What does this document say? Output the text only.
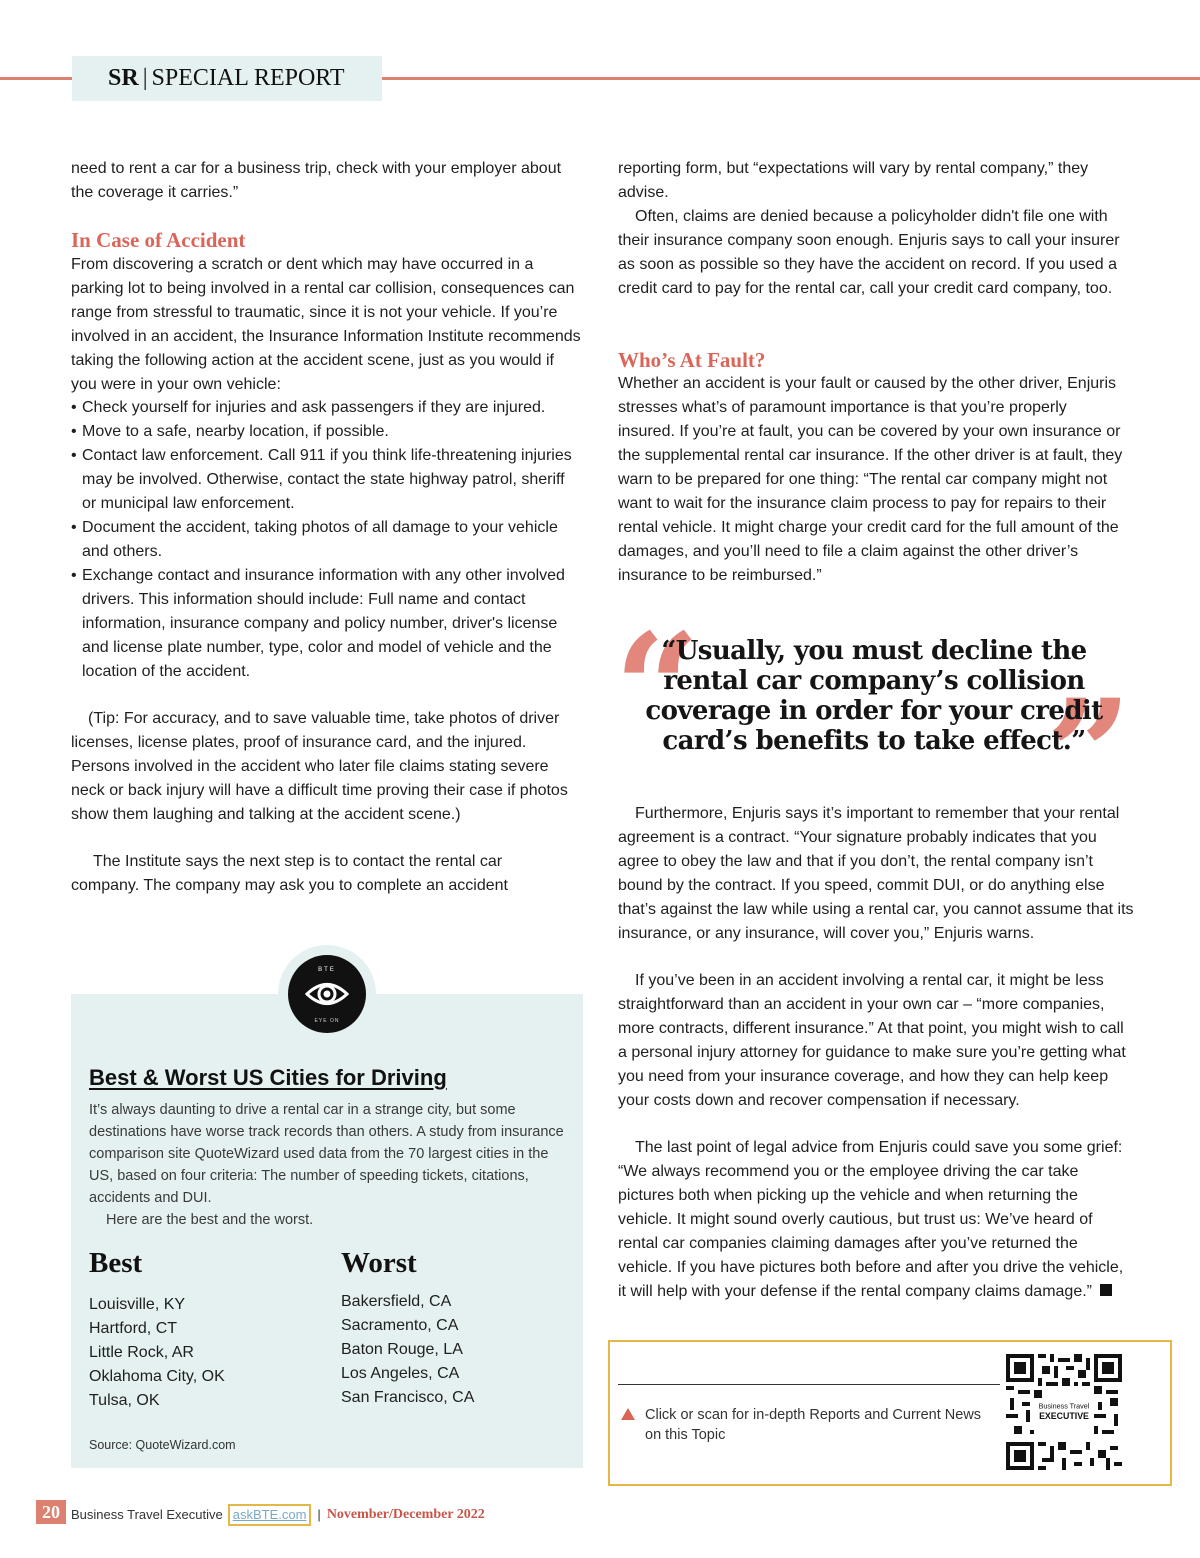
SR | SPECIAL REPORT

need to rent a car for a business trip, check with your employer about the coverage it carries.”

In Case of Accident

From discovering a scratch or dent which may have occurred in a parking lot to being involved in a rental car collision, consequences can range from stressful to traumatic, since it is not your vehicle. If you’re involved in an accident, the Insurance Information Institute recommends taking the following action at the accident scene, just as you would if you were in your own vehicle:

• Check yourself for injuries and ask passengers if they are injured.
• Move to a safe, nearby location, if possible.
• Contact law enforcement. Call 911 if you think life-threatening injuries may be involved. Otherwise, contact the state highway patrol, sheriff or municipal law enforcement.
• Document the accident, taking photos of all damage to your vehicle and others.
• Exchange contact and insurance information with any other involved drivers. This information should include: Full name and contact information, insurance company and policy number, driver's license and license plate number, type, color and model of vehicle and the location of the accident.

(Tip: For accuracy, and to save valuable time, take photos of driver licenses, license plates, proof of insurance card, and the injured. Persons involved in the accident who later file claims stating severe neck or back injury will have a difficult time proving their case if photos show them laughing and talking at the accident scene.)

The Institute says the next step is to contact the rental car company. The company may ask you to complete an accident

reporting form, but “expectations will vary by rental company,” they advise.

Often, claims are denied because a policyholder didn't file one with their insurance company soon enough. Enjuris says to call your insurer as soon as possible so they have the accident on record. If you used a credit card to pay for the rental car, call your credit card company, too.

Who’s At Fault?

Whether an accident is your fault or caused by the other driver, Enjuris stresses what’s of paramount importance is that you’re properly insured. If you’re at fault, you can be covered by your own insurance or the supplemental rental car insurance. If the other driver is at fault, they warn to be prepared for one thing: “The rental car company might not want to wait for the insurance claim process to pay for repairs to their rental vehicle. It might charge your credit card for the full amount of the damages, and you’ll need to file a claim against the other driver’s insurance to be reimbursed.”

“ ”
“Usually, you must decline the rental car company’s collision coverage in order for your credit card’s benefits to take effect.”

Furthermore, Enjuris says it’s important to remember that your rental agreement is a contract. “Your signature probably indicates that you agree to obey the law and that if you don’t, the rental company isn’t bound by the contract. If you speed, commit DUI, or do anything else that’s against the law while using a rental car, you cannot assume that its insurance, or any insurance, will cover you,” Enjuris warns.

If you’ve been in an accident involving a rental car, it might be less straightforward than an accident in your own car – “more companies, more contracts, different insurance.” At that point, you might wish to call a personal injury attorney for guidance to make sure you’re getting what you need from your insurance coverage, and how they can help keep your costs down and recover compensation if necessary.

The last point of legal advice from Enjuris could save you some grief: “We always recommend you or the employee driving the car take pictures both when picking up the vehicle and when returning the vehicle. It might sound overly cautious, but trust us: We’ve heard of rental car companies claiming damages after you’ve returned the vehicle. If you have pictures both before and after you drive the vehicle, it will help with your defense if the rental company claims damage.”

BTE
EYE ON
Best & Worst US Cities for Driving
It’s always daunting to drive a rental car in a strange city, but some destinations have worse track records than others. A study from insurance comparison site QuoteWizard used data from the 70 largest cities in the US, based on four criteria: The number of speeding tickets, citations, accidents and DUI.
Here are the best and the worst.
Best	Worst
Louisville, KY
Hartford, CT
Little Rock, AR
Oklahoma City, OK
Tulsa, OK
Bakersfield, CA
Sacramento, CA
Baton Rouge, LA
Los Angeles, CA
San Francisco, CA
Source: QuoteWizard.com
Click or scan for in-depth Reports and Current News on this Topic
Business Travel
EXECUTIVE
20 Business Travel Executive askBTE.com | November/December 2022
